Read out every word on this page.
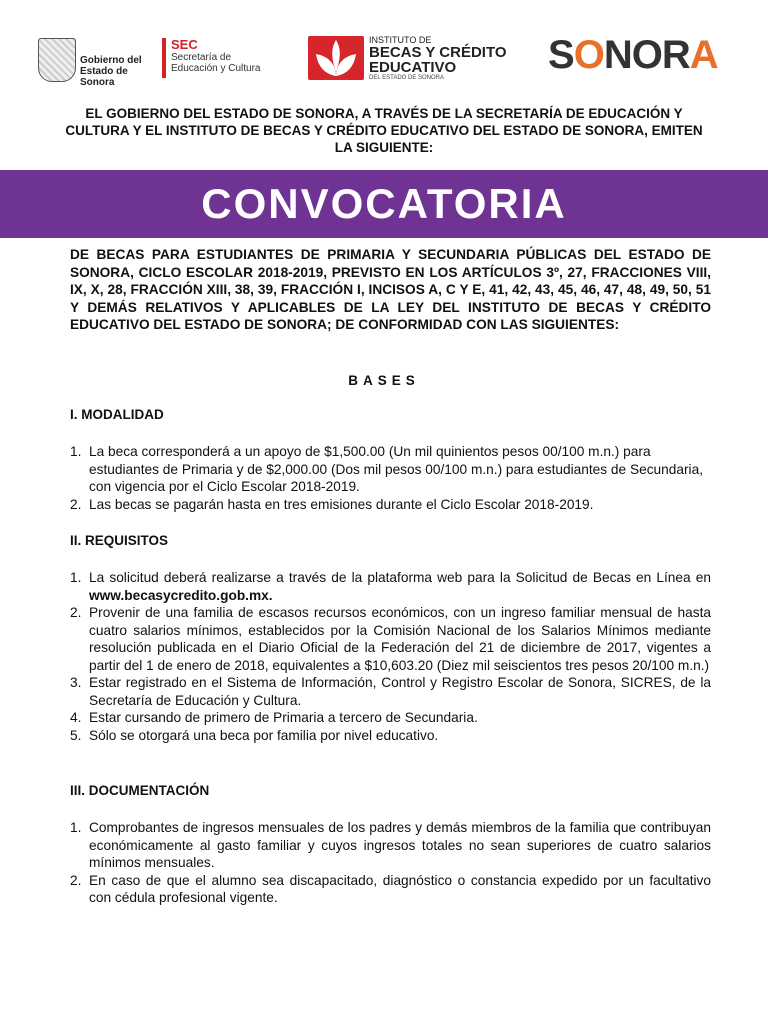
Gobierno del
Estado de Sonora
SEC
Secretaría de
Educación y Cultura
INSTITUTO DE
BECAS Y CRÉDITO
EDUCATIVO
DEL ESTADO DE SONORA
SONORA

EL GOBIERNO DEL ESTADO DE SONORA, A TRAVÉS DE LA SECRETARÍA DE EDUCACIÓN Y CULTURA Y EL INSTITUTO DE BECAS Y CRÉDITO EDUCATIVO DEL ESTADO DE SONORA, EMITEN LA SIGUIENTE:

CONVOCATORIA

DE BECAS PARA ESTUDIANTES DE PRIMARIA Y SECUNDARIA PÚBLICAS DEL ESTADO DE SONORA, CICLO ESCOLAR 2018-2019, PREVISTO EN LOS ARTÍCULOS 3º, 27, FRACCIONES VIII, IX, X, 28, FRACCIÓN XIII, 38, 39, FRACCIÓN I, INCISOS A, C Y E, 41, 42, 43, 45, 46, 47, 48, 49, 50, 51 Y DEMÁS RELATIVOS Y APLICABLES DE LA LEY DEL INSTITUTO DE BECAS Y CRÉDITO EDUCATIVO DEL ESTADO DE SONORA; DE CONFORMIDAD CON LAS SIGUIENTES:

BASES
I. MODALIDAD
1. La beca corresponderá a un apoyo de $1,500.00 (Un mil quinientos pesos 00/100 m.n.) para estudiantes de Primaria y de $2,000.00 (Dos mil pesos 00/100 m.n.) para estudiantes de Secundaria, con vigencia por el Ciclo Escolar 2018-2019.
2. Las becas se pagarán hasta en tres emisiones durante el Ciclo Escolar 2018-2019.
II. REQUISITOS
1. La solicitud deberá realizarse a través de la plataforma web para la Solicitud de Becas en Línea en www.becasycredito.gob.mx.
2. Provenir de una familia de escasos recursos económicos, con un ingreso familiar mensual de hasta cuatro salarios mínimos, establecidos por la Comisión Nacional de los Salarios Mínimos mediante resolución publicada en el Diario Oficial de la Federación del 21 de diciembre de 2017, vigentes a partir del 1 de enero de 2018, equivalentes a $10,603.20 (Diez mil seiscientos tres pesos 20/100 m.n.)
3. Estar registrado en el Sistema de Información, Control y Registro Escolar de Sonora, SICRES, de la Secretaría de Educación y Cultura.
4. Estar cursando de primero de Primaria a tercero de Secundaria.
5. Sólo se otorgará una beca por familia por nivel educativo.
III. DOCUMENTACIÓN
1. Comprobantes de ingresos mensuales de los padres y demás miembros de la familia que contribuyan económicamente al gasto familiar y cuyos ingresos totales no sean superiores de cuatro salarios mínimos mensuales.
2. En caso de que el alumno sea discapacitado, diagnóstico o constancia expedido por un facultativo con cédula profesional vigente.
